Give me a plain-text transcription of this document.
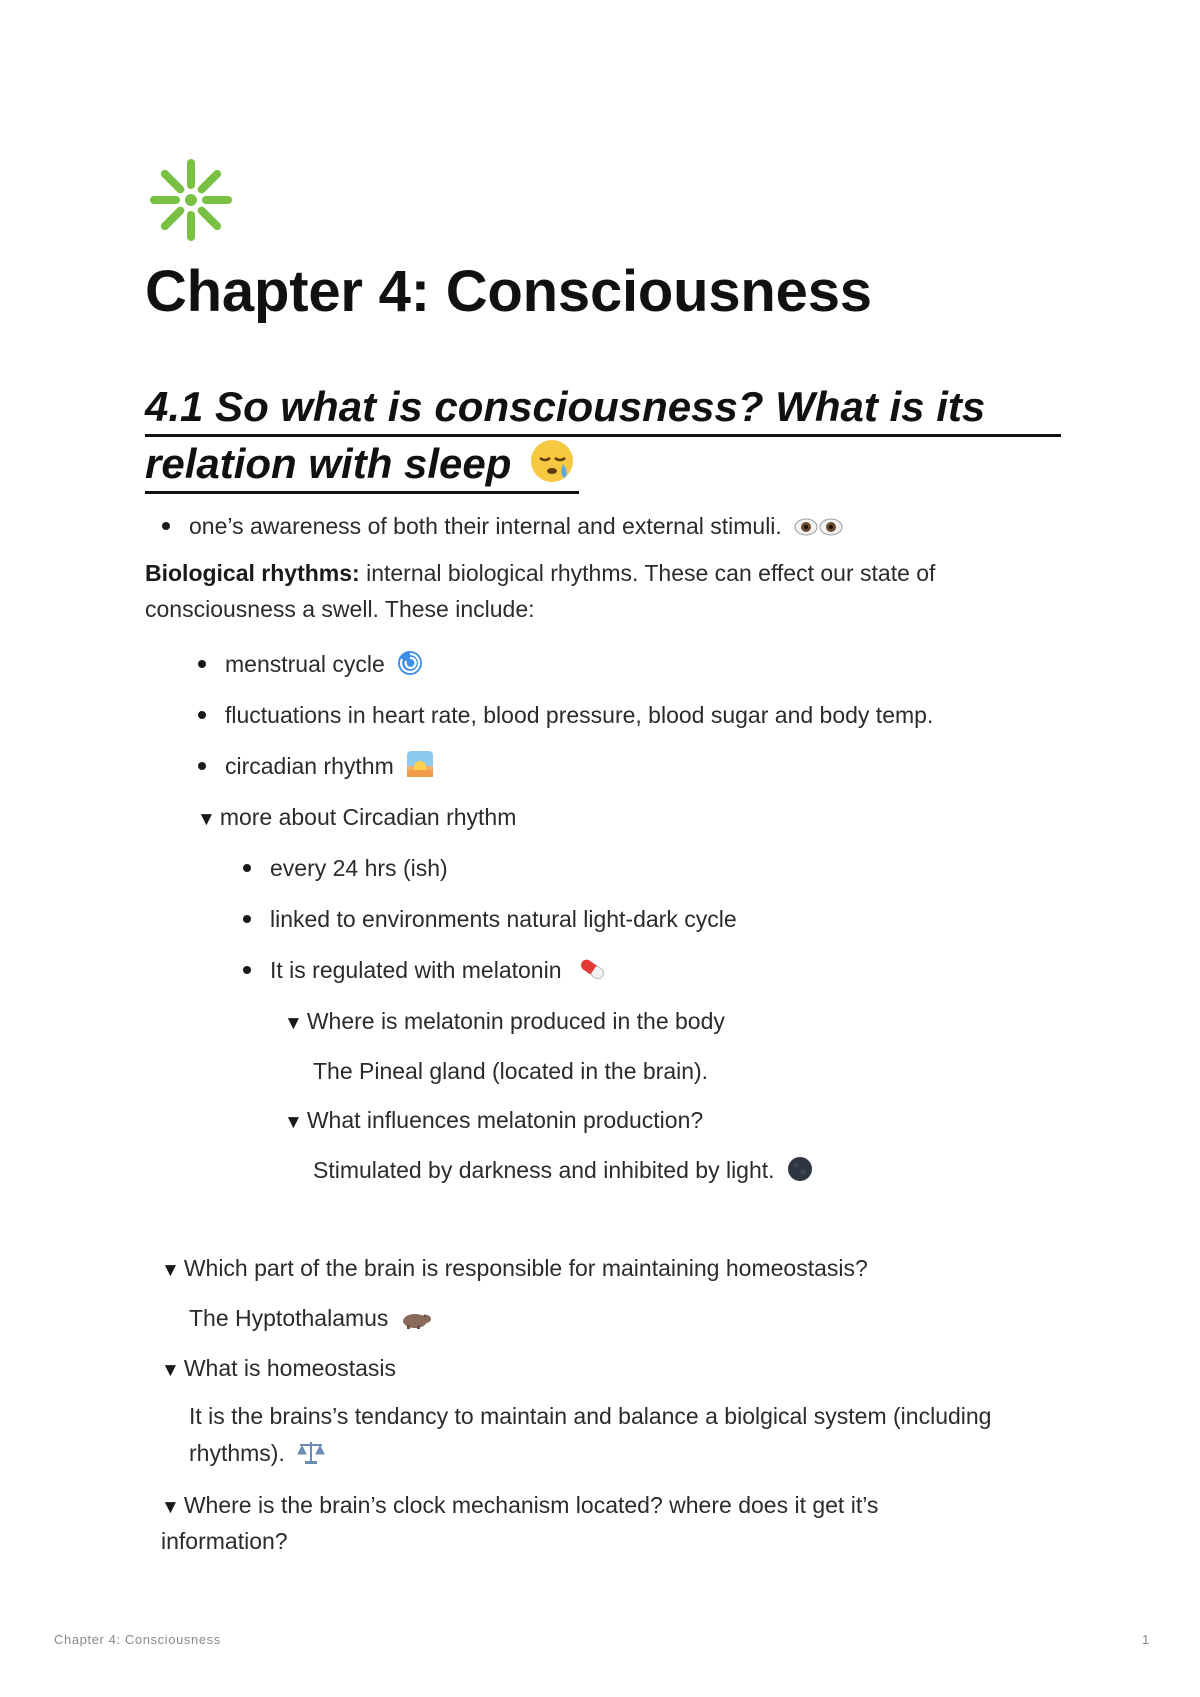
Chapter 4: Consciousness
4.1 So what is consciousness? What is its
relation with sleep
one’s awareness of both their internal and external stimuli.
Biological rhythms: internal biological rhythms. These can effect our state of
consciousness a swell. These include:
menstrual cycle
fluctuations in heart rate, blood pressure, blood sugar and body temp.
circadian rhythm
▼ more about Circadian rhythm
every 24 hrs (ish)
linked to environments natural light-dark cycle
It is regulated with melatonin
▼ Where is melatonin produced in the body
The Pineal gland (located in the brain).
▼ What influences melatonin production?
Stimulated by darkness and inhibited by light.
▼ Which part of the brain is responsible for maintaining homeostasis?
The Hyptothalamus
▼ What is homeostasis
It is the brains’s tendancy to maintain and balance a biolgical system (including
rhythms).
▼ Where is the brain’s clock mechanism located? where does it get it’s
information?
Chapter 4: Consciousness	1
